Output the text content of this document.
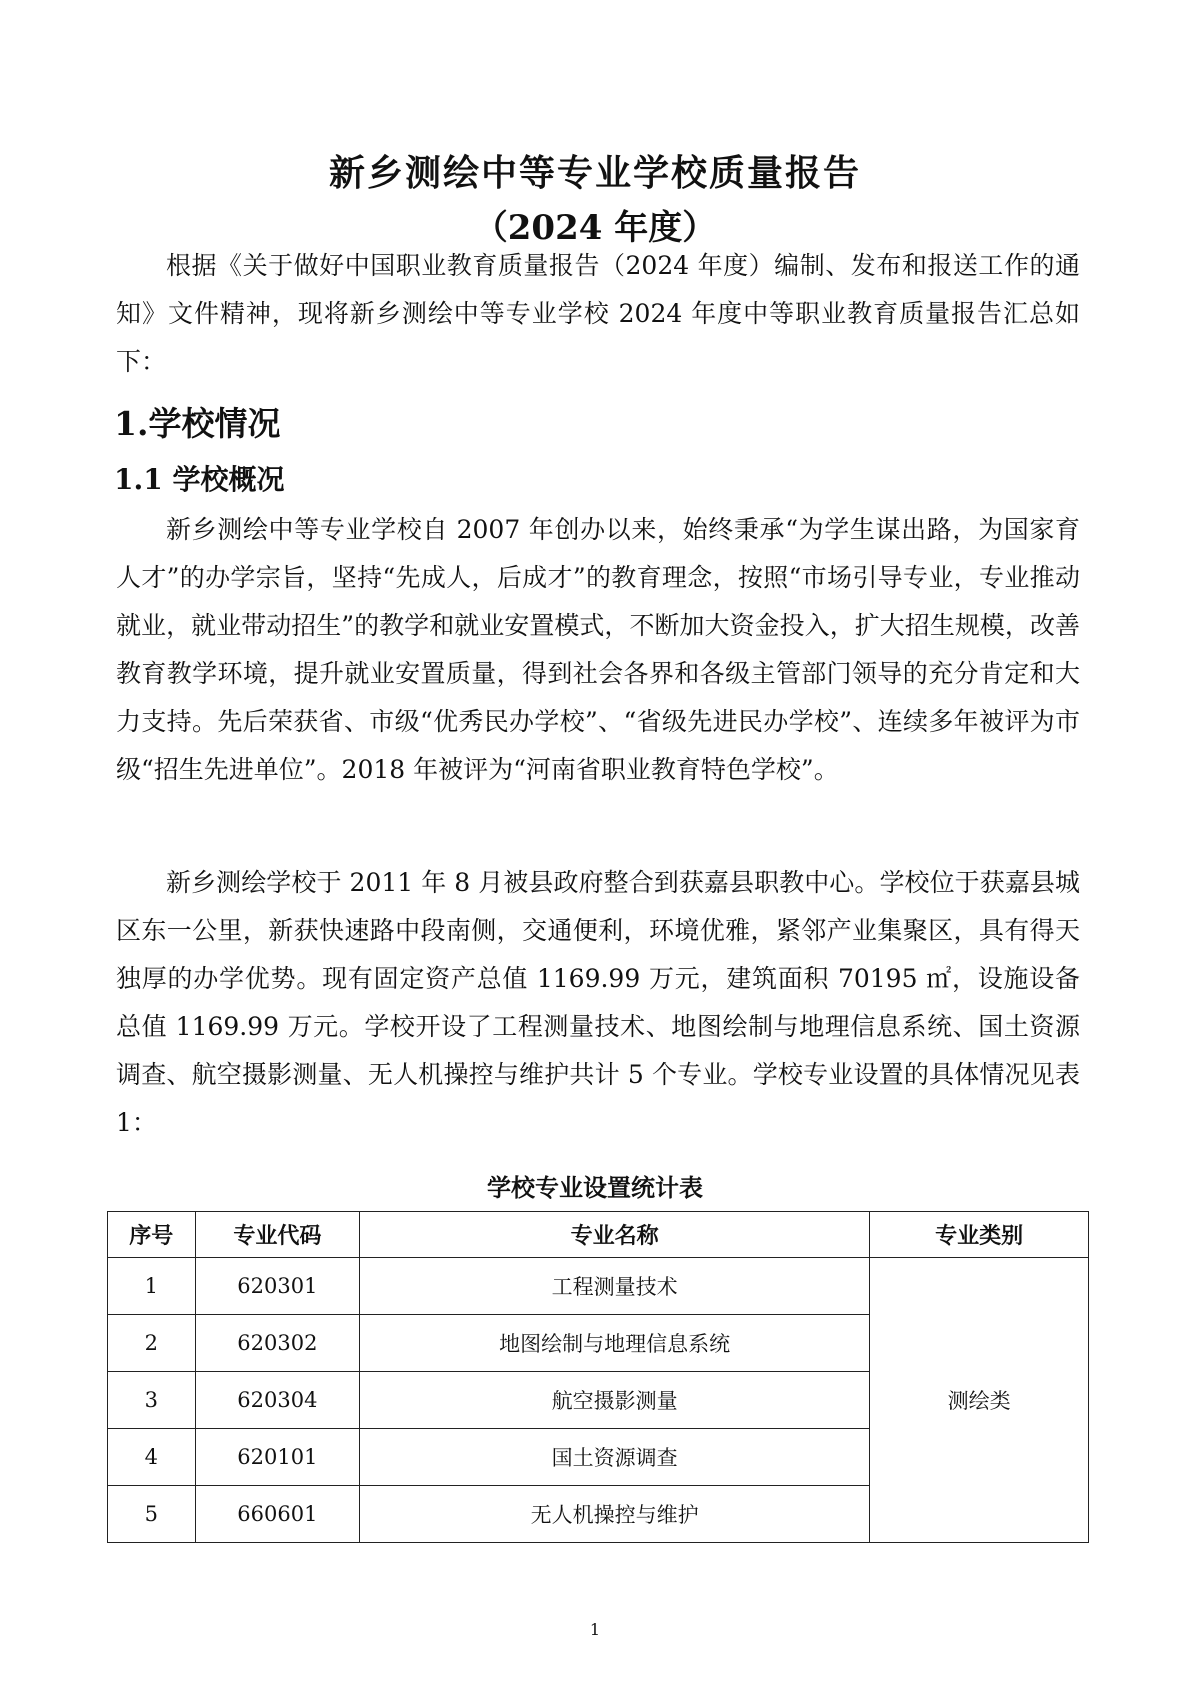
新乡测绘中等专业学校质量报告
（2024 年度）

根据《关于做好中国职业教育质量报告（2024 年度）编制、发布和报送工作的通知》文件精神，现将新乡测绘中等专业学校 2024 年度中等职业教育质量报告汇总如下：

1.学校情况
1.1 学校概况

新乡测绘中等专业学校自 2007 年创办以来，始终秉承“为学生谋出路，为国家育人才”的办学宗旨，坚持“先成人，后成才”的教育理念，按照“市场引导专业，专业推动就业，就业带动招生”的教学和就业安置模式，不断加大资金投入，扩大招生规模，改善教育教学环境，提升就业安置质量，得到社会各界和各级主管部门领导的充分肯定和大力支持。先后荣获省、市级“优秀民办学校”、“省级先进民办学校”、连续多年被评为市级“招生先进单位”。2018 年被评为“河南省职业教育特色学校”。

新乡测绘学校于 2011 年 8 月被县政府整合到获嘉县职教中心。学校位于获嘉县城区东一公里，新获快速路中段南侧，交通便利，环境优雅，紧邻产业集聚区，具有得天独厚的办学优势。现有固定资产总值 1169.99 万元，建筑面积 70195 ㎡，设施设备总值 1169.99 万元。学校开设了工程测量技术、地图绘制与地理信息系统、国土资源调查、航空摄影测量、无人机操控与维护共计 5 个专业。学校专业设置的具体情况见表 1：

学校专业设置统计表
序号	专业代码	专业名称	专业类别
1	620301	工程测量技术	测绘类
2	620302	地图绘制与地理信息系统	
3	620304	航空摄影测量	
4	620101	国土资源调查	
5	660601	无人机操控与维护	
1
